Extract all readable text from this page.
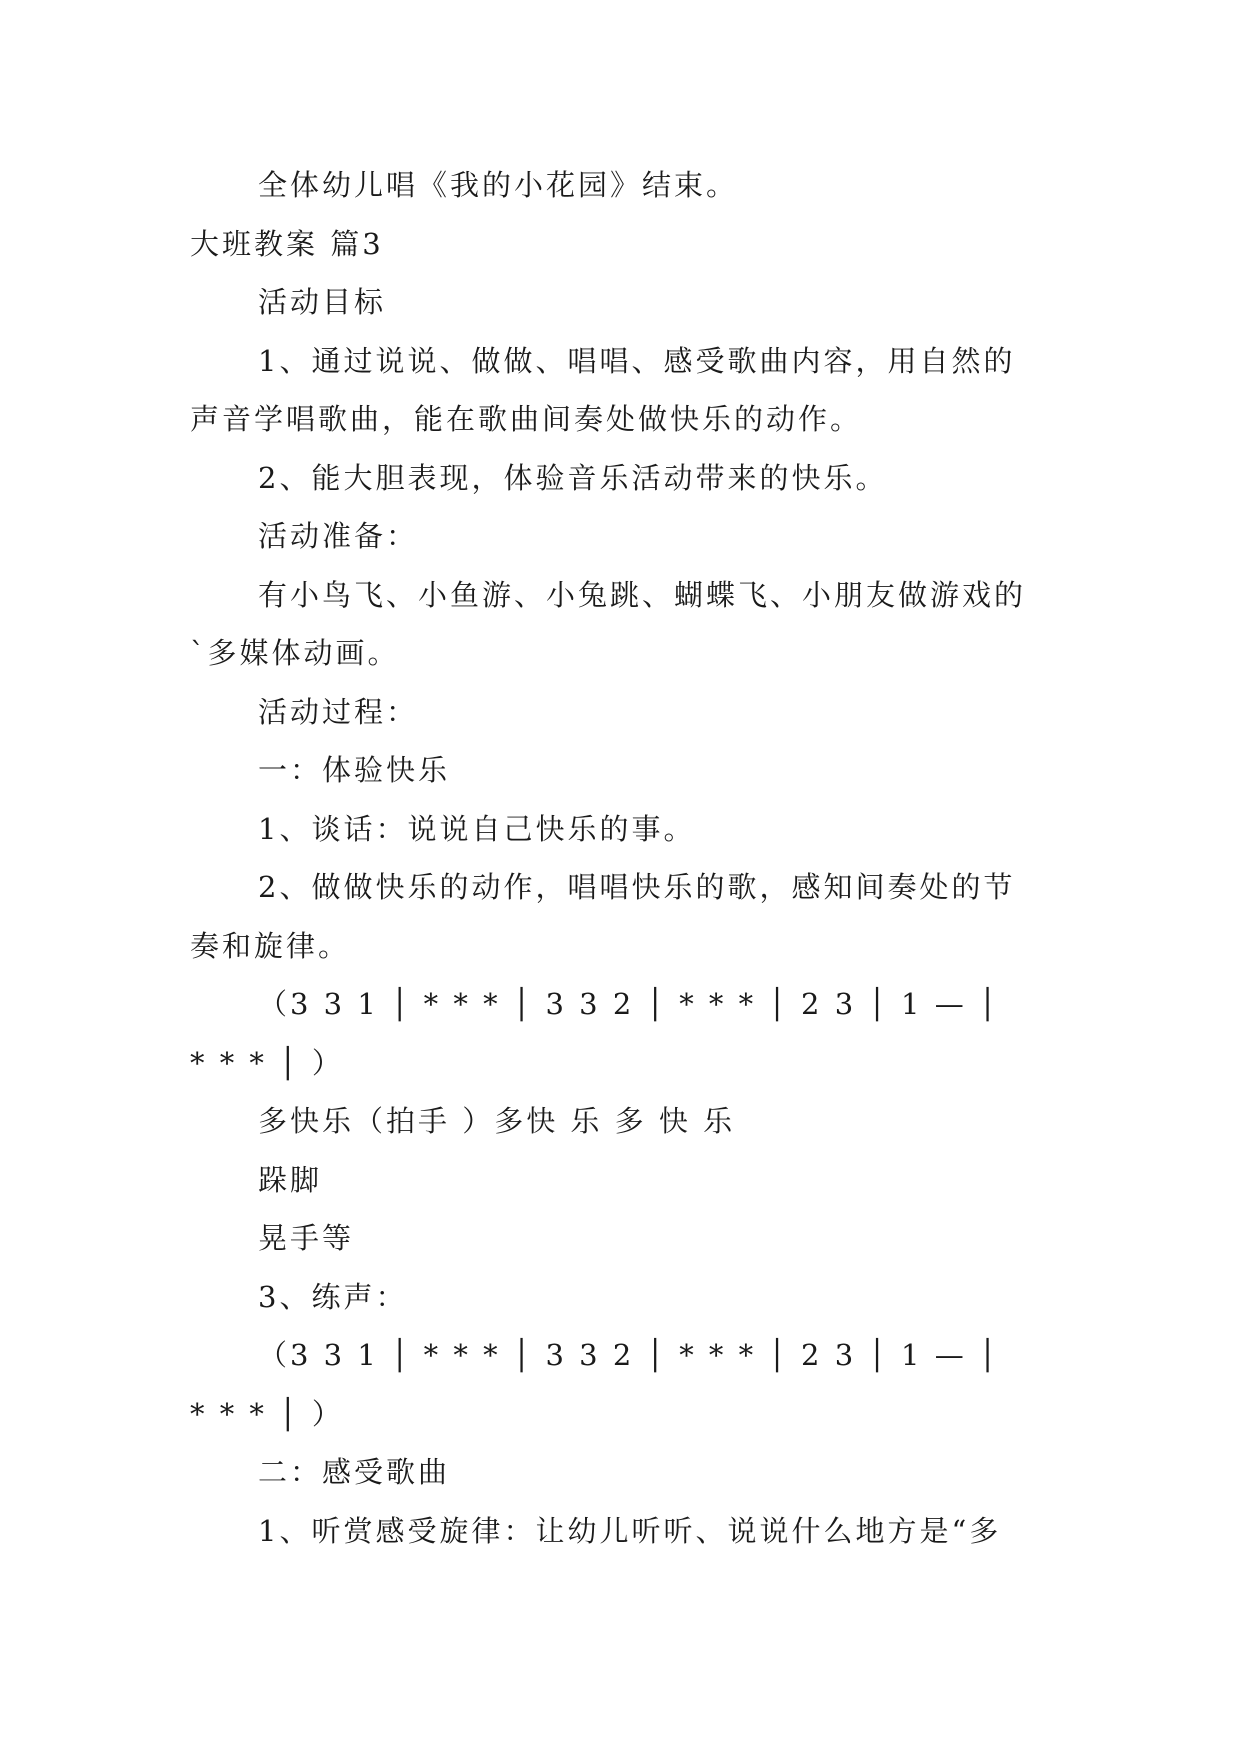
全体幼儿唱《我的小花园》结束。
大班教案 篇3
活动目标
1、通过说说、做做、唱唱、感受歌曲内容，用自然的
声音学唱歌曲，能在歌曲间奏处做快乐的动作。
2、能大胆表现，体验音乐活动带来的快乐。
活动准备：
有小鸟飞、小鱼游、小兔跳、蝴蝶飞、小朋友做游戏的
`多媒体动画。
活动过程：
一：体验快乐
1、谈话：说说自己快乐的事。
2、做做快乐的动作，唱唱快乐的歌，感知间奏处的节
奏和旋律。
（3 3 1 │ * * * │ 3 3 2 │ * * * │ 2 3 │ 1 — │
* * * │ ）
多快乐（拍手 ）多快 乐 多 快 乐
跺脚
晃手等
3、练声：
（3 3 1 │ * * * │ 3 3 2 │ * * * │ 2 3 │ 1 — │
* * * │ ）
二：感受歌曲
1、听赏感受旋律：让幼儿听听、说说什么地方是“多
